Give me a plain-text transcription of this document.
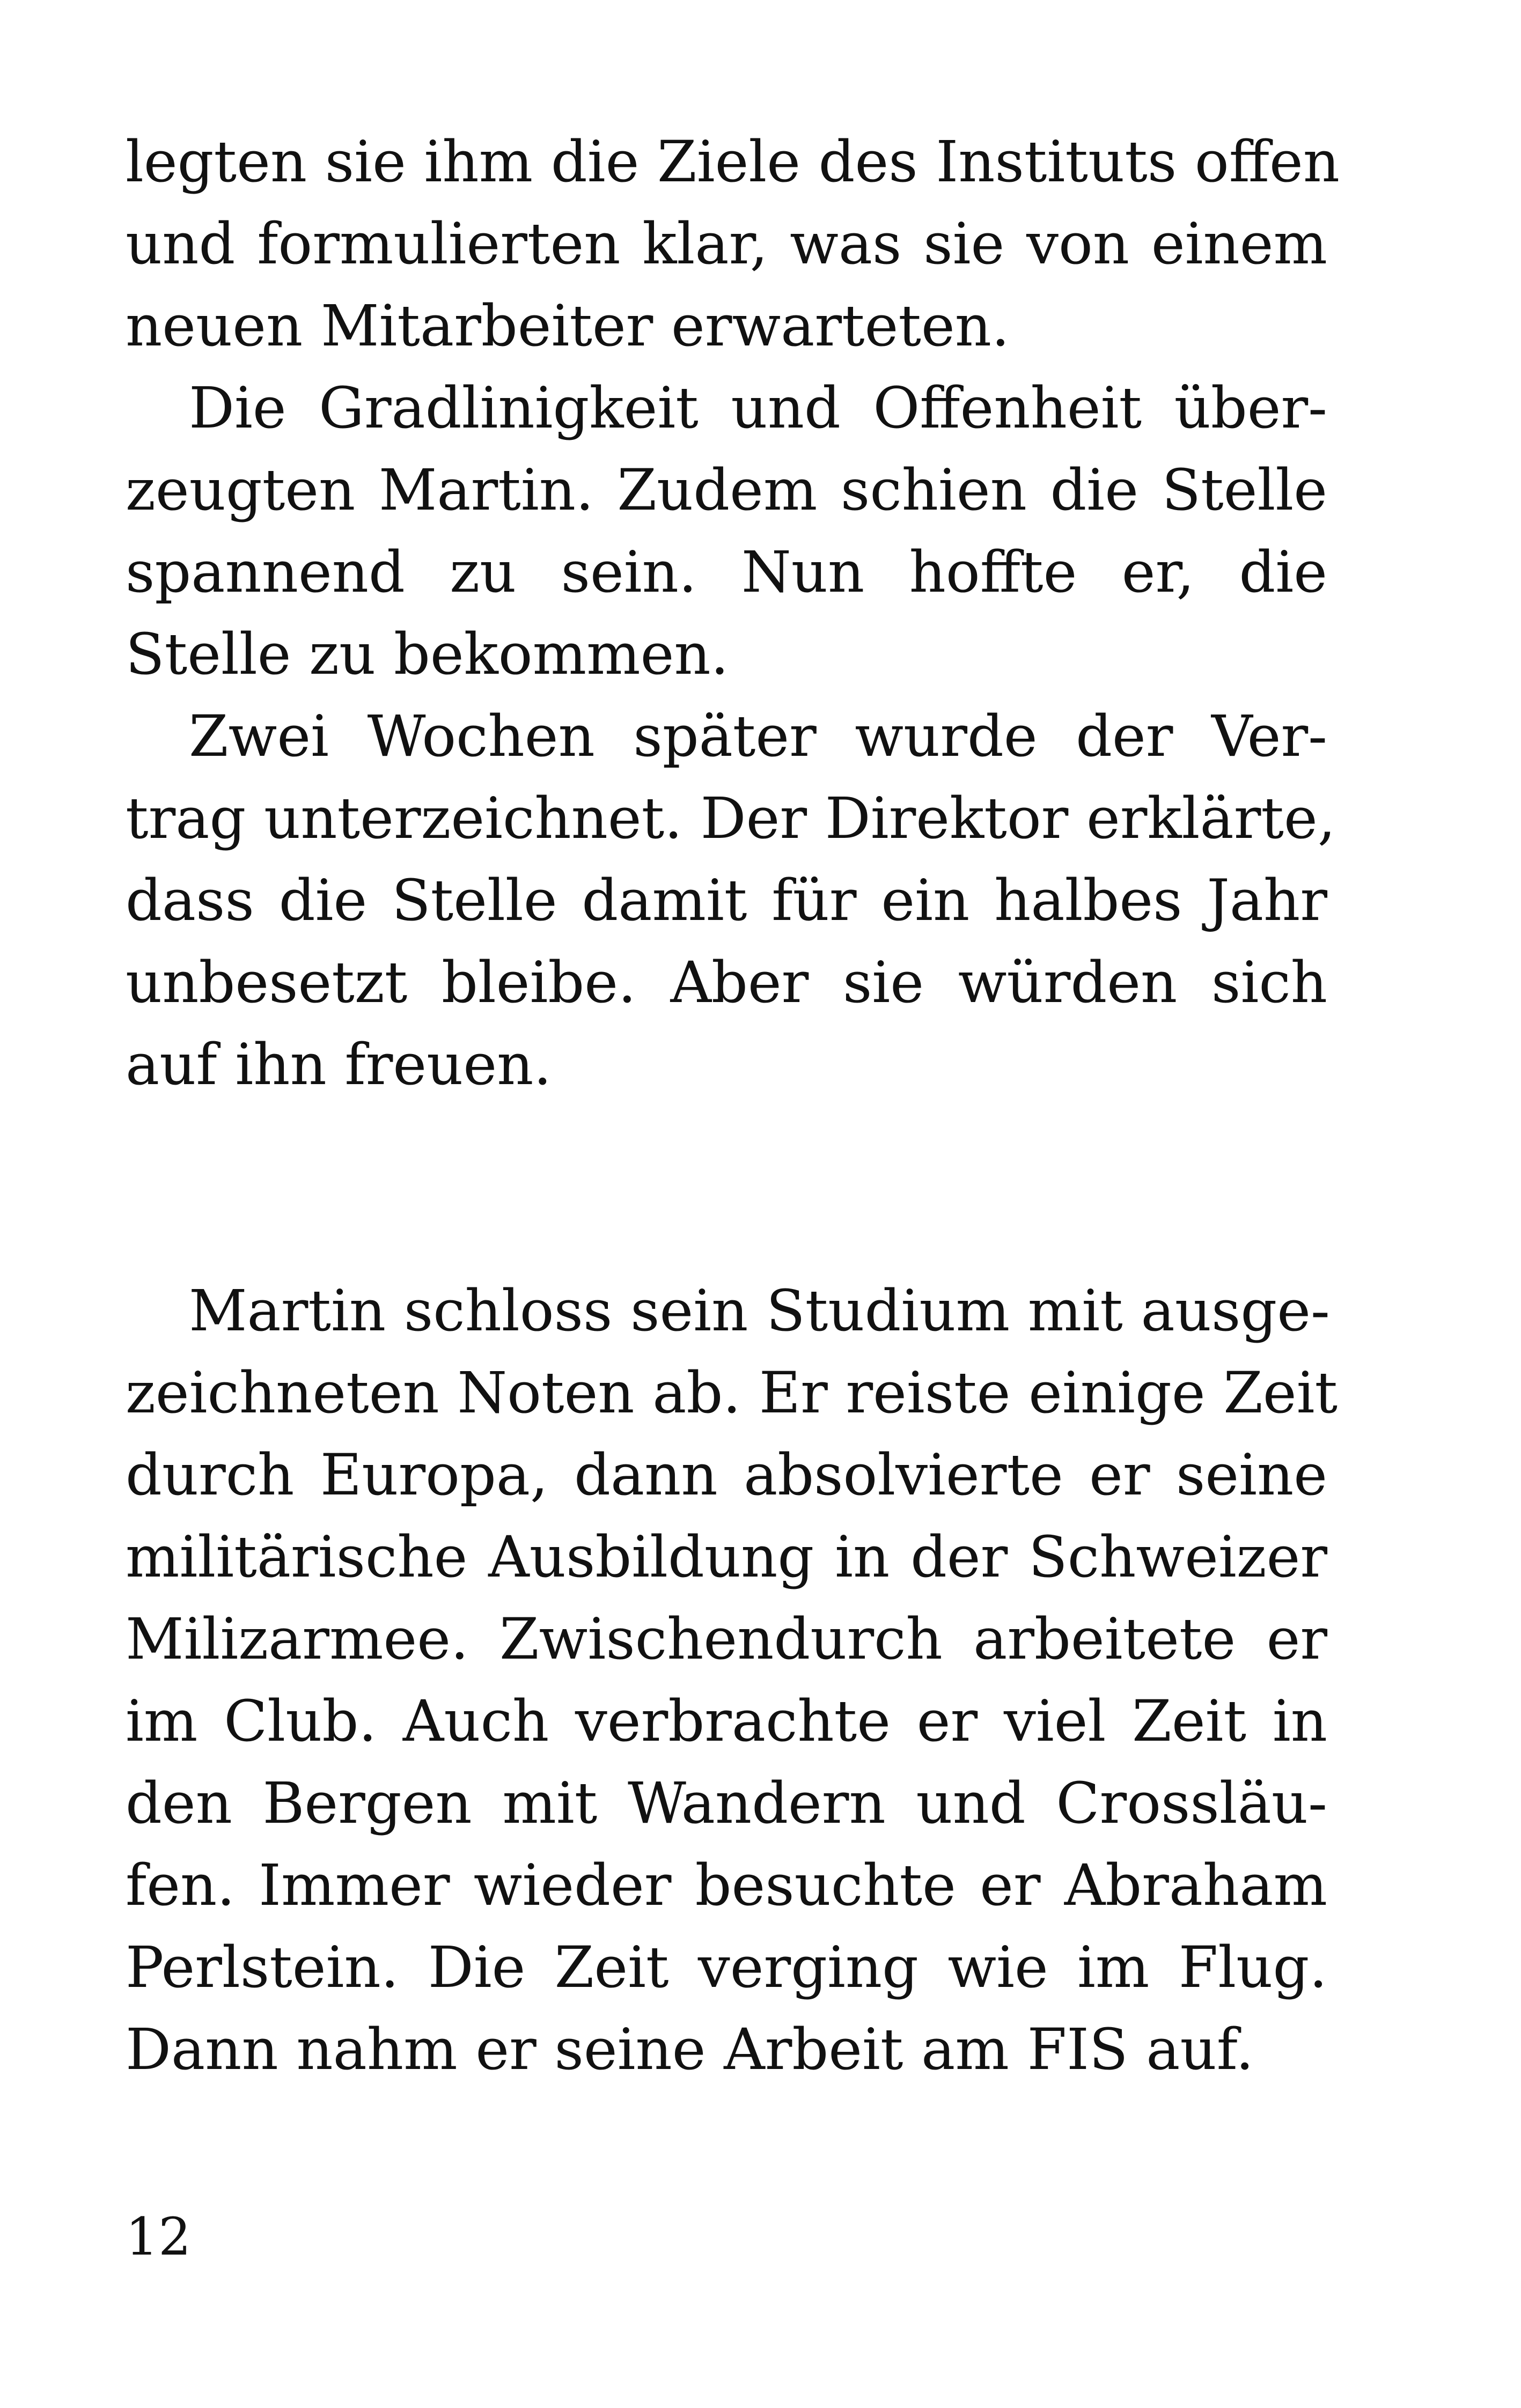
legten sie ihm die Ziele des Instituts offen
und formulierten klar, was sie von einem
neuen Mitarbeiter erwarteten.

Die Gradlinigkeit und Offenheit über-
zeugten Martin. Zudem schien die Stelle
spannend zu sein. Nun hoffte er, die
Stelle zu bekommen.

Zwei Wochen später wurde der Ver-
trag unterzeichnet. Der Direktor erklärte,
dass die Stelle damit für ein halbes Jahr
unbesetzt bleibe. Aber sie würden sich
auf ihn freuen.

Martin schloss sein Studium mit ausge-
zeichneten Noten ab. Er reiste einige Zeit
durch Europa, dann absolvierte er seine
militärische Ausbildung in der Schweizer
Milizarmee. Zwischendurch arbeitete er
im Club. Auch verbrachte er viel Zeit in
den Bergen mit Wandern und Crossläu-
fen. Immer wieder besuchte er Abraham
Perlstein. Die Zeit verging wie im Flug.
Dann nahm er seine Arbeit am FIS auf.

12
